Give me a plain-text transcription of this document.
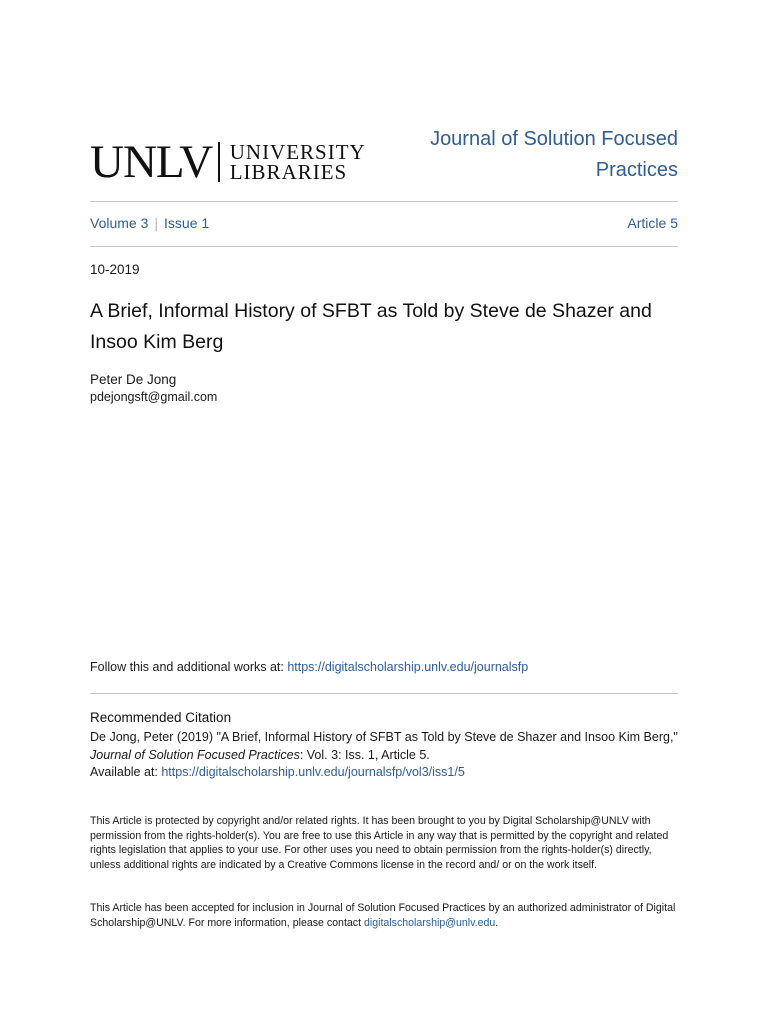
UNLV UNIVERSITY
LIBRARIES
Journal of Solution Focused
Practices
Volume 3 | Issue 1	Article 5
10-2019
A Brief, Informal History of SFBT as Told by Steve de Shazer and Insoo Kim Berg
Peter De Jong
pdejongsft@gmail.com
Follow this and additional works at: https://digitalscholarship.unlv.edu/journalsfp
Recommended Citation
De Jong, Peter (2019) "A Brief, Informal History of SFBT as Told by Steve de Shazer and Insoo Kim Berg,"
Journal of Solution Focused Practices: Vol. 3: Iss. 1, Article 5.
Available at: https://digitalscholarship.unlv.edu/journalsfp/vol3/iss1/5
This Article is protected by copyright and/or related rights. It has been brought to you by Digital Scholarship@UNLV with permission from the rights-holder(s). You are free to use this Article in any way that is permitted by the copyright and related rights legislation that applies to your use. For other uses you need to obtain permission from the rights-holder(s) directly, unless additional rights are indicated by a Creative Commons license in the record and/ or on the work itself.
This Article has been accepted for inclusion in Journal of Solution Focused Practices by an authorized administrator of Digital Scholarship@UNLV. For more information, please contact digitalscholarship@unlv.edu.
